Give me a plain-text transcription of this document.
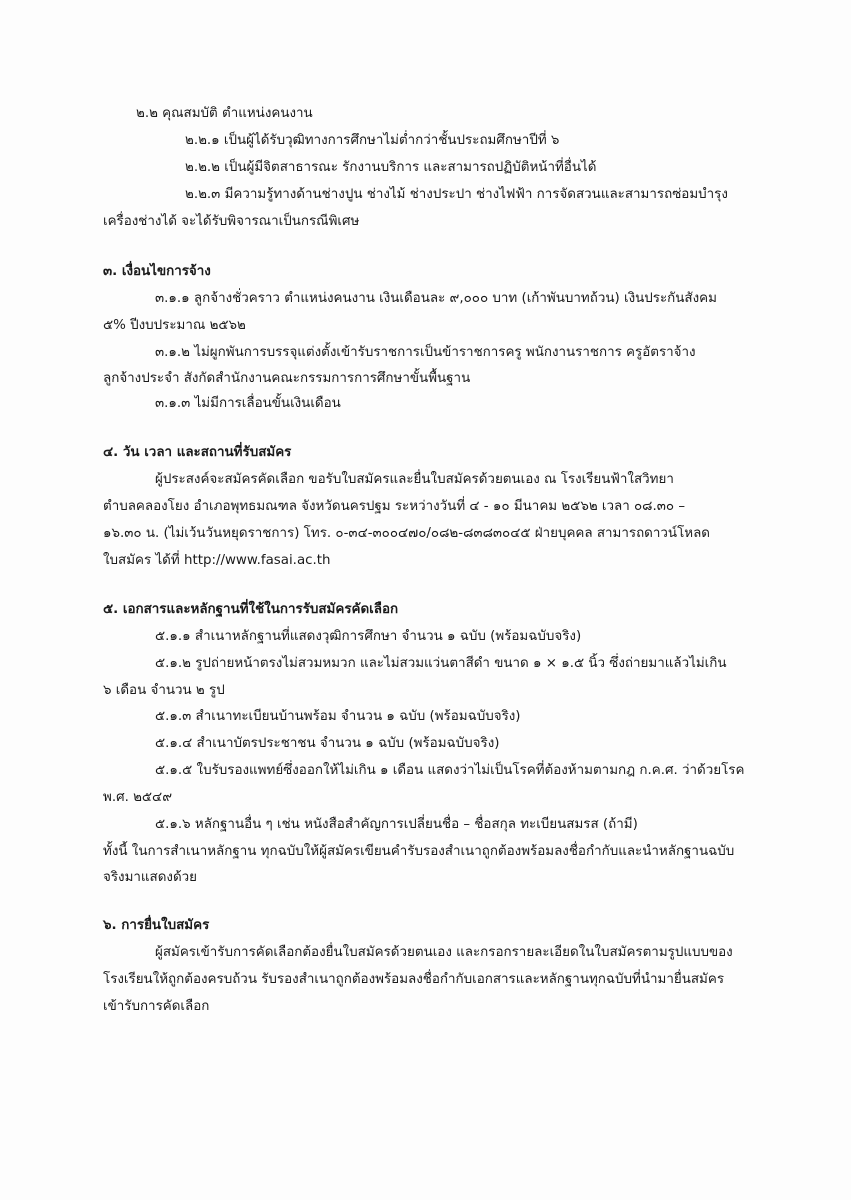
๒.๒ คุณสมบัติ ตำแหน่งคนงาน
๒.๒.๑ เป็นผู้ได้รับวุฒิทางการศึกษาไม่ต่ำกว่าชั้นประถมศึกษาปีที่ ๖
๒.๒.๒ เป็นผู้มีจิตสาธารณะ รักงานบริการ และสามารถปฏิบัติหน้าที่อื่นได้
๒.๒.๓ มีความรู้ทางด้านช่างปูน ช่างไม้ ช่างประปา ช่างไฟฟ้า การจัดสวนและสามารถซ่อมบำรุง
เครื่องช่างได้ จะได้รับพิจารณาเป็นกรณีพิเศษ
๓. เงื่อนไขการจ้าง
๓.๑.๑ ลูกจ้างชั่วคราว ตำแหน่งคนงาน เงินเดือนละ ๙,๐๐๐ บาท (เก้าพันบาทถ้วน) เงินประกันสังคม
๕% ปีงบประมาณ ๒๕๖๒
๓.๑.๒ ไม่ผูกพันการบรรจุแต่งตั้งเข้ารับราชการเป็นข้าราชการครู พนักงานราชการ ครูอัตราจ้าง
ลูกจ้างประจำ สังกัดสำนักงานคณะกรรมการการศึกษาขั้นพื้นฐาน
๓.๑.๓ ไม่มีการเลื่อนขั้นเงินเดือน
๔. วัน เวลา และสถานที่รับสมัคร
ผู้ประสงค์จะสมัครคัดเลือก ขอรับใบสมัครและยื่นใบสมัครด้วยตนเอง ณ โรงเรียนฟ้าใสวิทยา
ตำบลคลองโยง อำเภอพุทธมณฑล จังหวัดนครปฐม ระหว่างวันที่ ๔ - ๑๐ มีนาคม ๒๕๖๒ เวลา ๐๘.๓๐ –
๑๖.๓๐ น. (ไม่เว้นวันหยุดราชการ) โทร. ๐-๓๔-๓๐๐๔๗๐/๐๘๒-๘๓๘๓๐๔๕ ฝ่ายบุคคล สามารถดาวน์โหลด
ใบสมัคร ได้ที่ http://www.fasai.ac.th
๕. เอกสารและหลักฐานที่ใช้ในการรับสมัครคัดเลือก
๕.๑.๑ สำเนาหลักฐานที่แสดงวุฒิการศึกษา จำนวน ๑ ฉบับ (พร้อมฉบับจริง)
๕.๑.๒ รูปถ่ายหน้าตรงไม่สวมหมวก และไม่สวมแว่นตาสีดำ ขนาด ๑ × ๑.๕ นิ้ว ซึ่งถ่ายมาแล้วไม่เกิน
๖ เดือน จำนวน ๒ รูป
๕.๑.๓ สำเนาทะเบียนบ้านพร้อม จำนวน ๑ ฉบับ (พร้อมฉบับจริง)
๕.๑.๔ สำเนาบัตรประชาชน จำนวน ๑ ฉบับ (พร้อมฉบับจริง)
๕.๑.๕ ใบรับรองแพทย์ซึ่งออกให้ไม่เกิน ๑ เดือน แสดงว่าไม่เป็นโรคที่ต้องห้ามตามกฎ ก.ค.ศ. ว่าด้วยโรค
พ.ศ. ๒๕๔๙
๕.๑.๖ หลักฐานอื่น ๆ เช่น หนังสือสำคัญการเปลี่ยนชื่อ – ชื่อสกุล ทะเบียนสมรส (ถ้ามี)
ทั้งนี้ ในการสำเนาหลักฐาน ทุกฉบับให้ผู้สมัครเขียนคำรับรองสำเนาถูกต้องพร้อมลงชื่อกำกับและนำหลักฐานฉบับ
จริงมาแสดงด้วย
๖. การยื่นใบสมัคร
ผู้สมัครเข้ารับการคัดเลือกต้องยื่นใบสมัครด้วยตนเอง และกรอกรายละเอียดในใบสมัครตามรูปแบบของ
โรงเรียนให้ถูกต้องครบถ้วน รับรองสำเนาถูกต้องพร้อมลงชื่อกำกับเอกสารและหลักฐานทุกฉบับที่นำมายื่นสมัคร
เข้ารับการคัดเลือก
